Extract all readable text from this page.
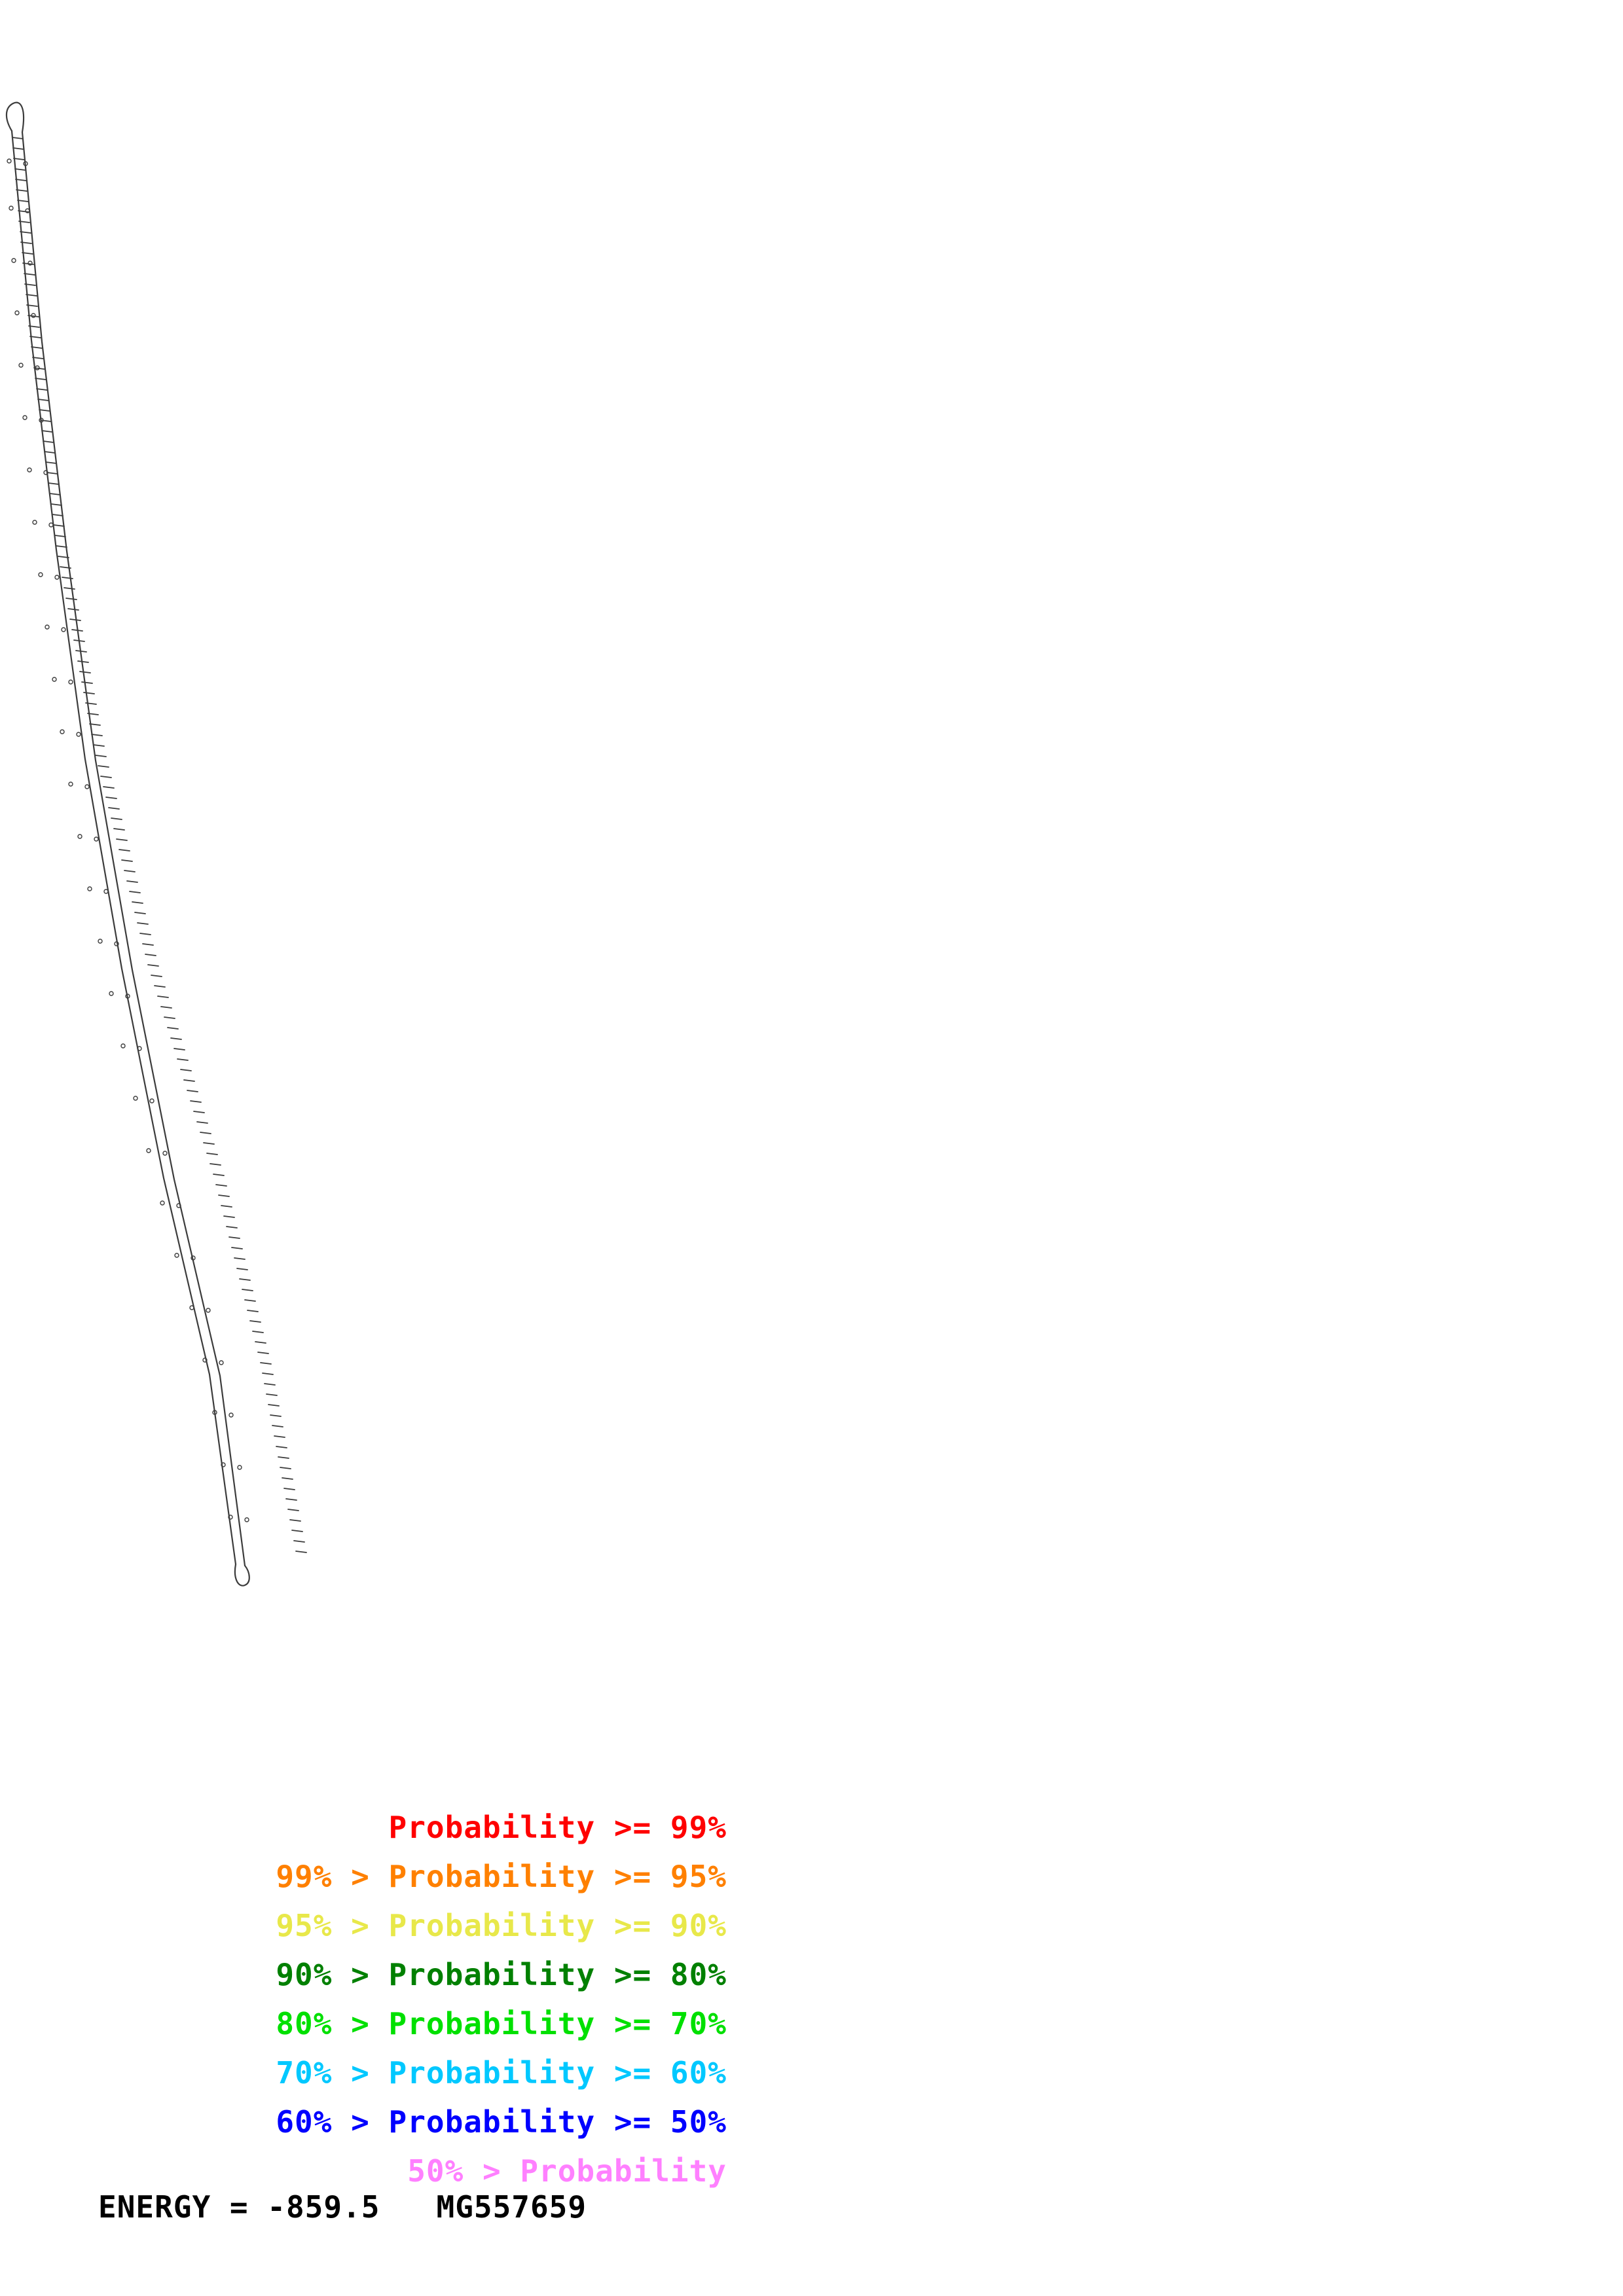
Probability >= 99%
99% > Probability >= 95%
95% > Probability >= 90%
90% > Probability >= 80%
80% > Probability >= 70%
70% > Probability >= 60%
60% > Probability >= 50%
50% > Probability
ENERGY = -859.5   MG557659
